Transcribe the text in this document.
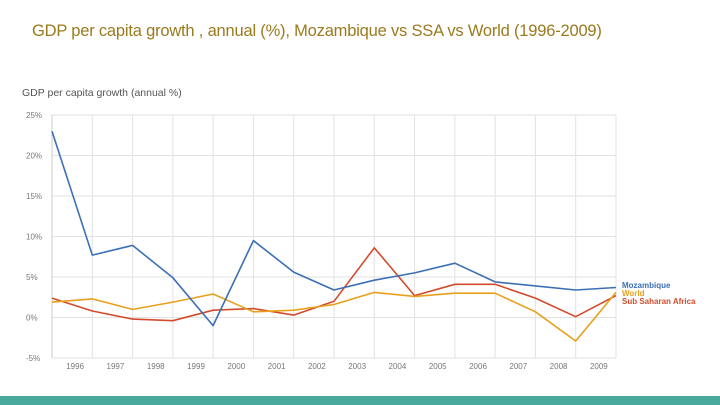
GDP per capita growth , annual (%), Mozambique vs SSA vs World (1996-2009)
GDP per capita growth (annual %)
25%
20%
15%
10%
5%
0%
-5%
1996	1997	1998	1999	2000	2001	2002	2003	2004	2005	2006	2007	2008	2009
Mozambique
World
Sub Saharan Africa
